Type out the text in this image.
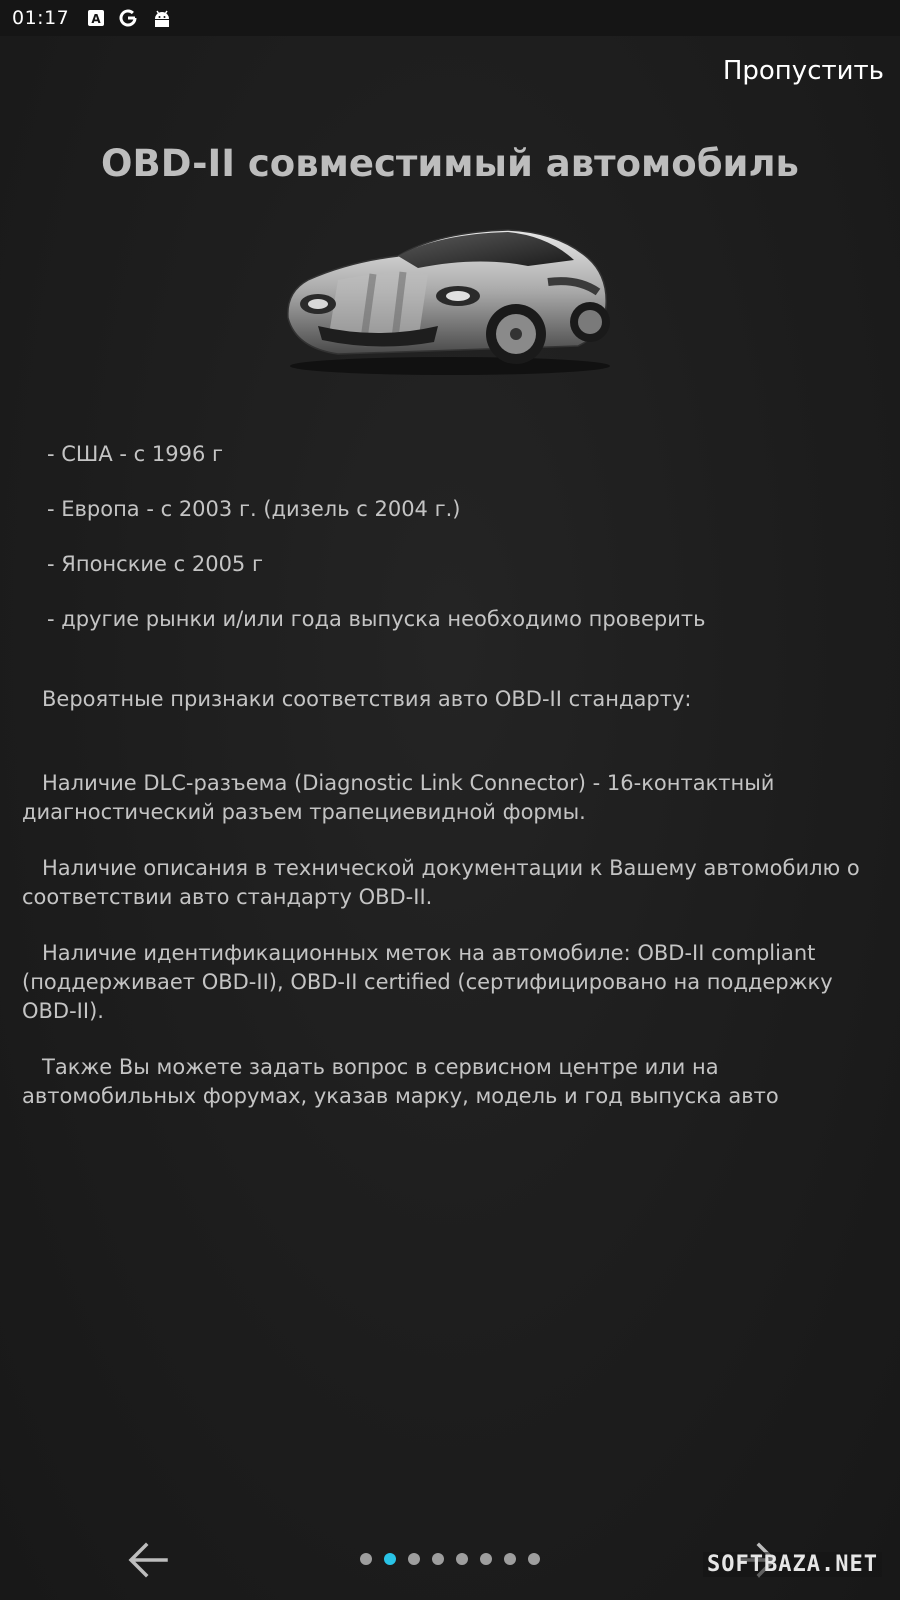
01:17 A
Пропустить
OBD-II совместимый автомобиль

- США - с 1996 г

- Европа - с 2003 г. (дизель с 2004 г.)

- Японские с 2005 г

- другие рынки и/или года выпуска необходимо проверить

Вероятные признаки соответствия авто OBD-II стандарту:

Наличие DLC-разъема (Diagnostic Link Connector) - 16-контактный диагностический разъем трапециевидной формы.

Наличие описания в технической документации к Вашему автомобилю о соответствии авто стандарту OBD-II.

Наличие идентификационных меток на автомобиле: OBD-II compliant (поддерживает OBD-II), OBD-II certified (сертифицировано на поддержку OBD-II).

Также Вы можете задать вопрос в сервисном центре или на автомобильных форумах, указав марку, модель и год выпуска авто

SOFTBAZA.NET
